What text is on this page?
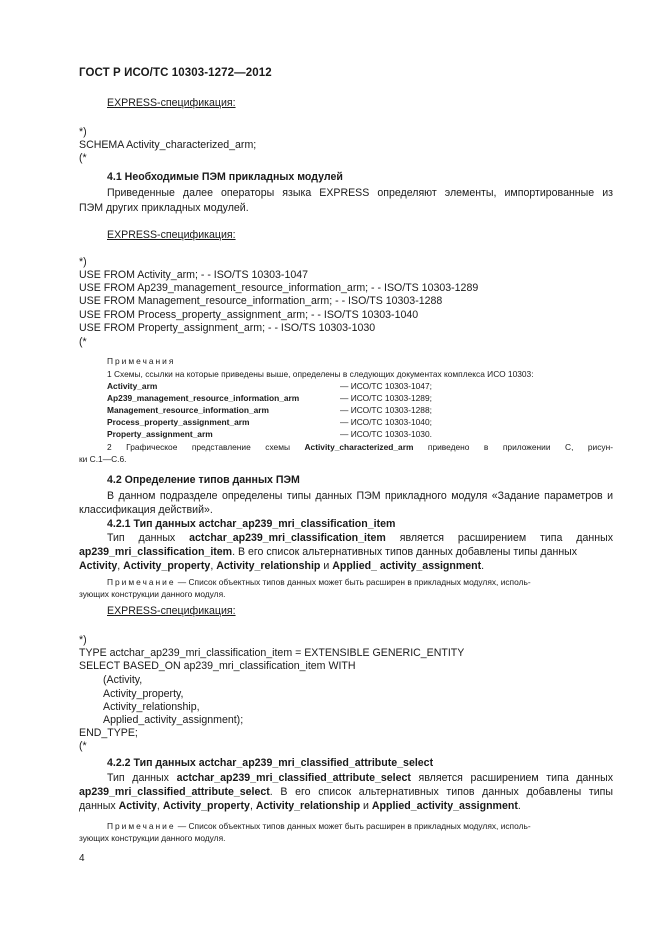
ГОСТ Р ИСО/ТС 10303-1272—2012
EXPRESS-спецификация:
*)
SCHEMA Activity_characterized_arm;
(*
4.1 Необходимые ПЭМ прикладных модулей
Приведенные далее операторы языка EXPRESS определяют элементы, импортированные из
ПЭМ других прикладных модулей.
EXPRESS-спецификация:
*)
USE FROM Activity_arm; - - ISO/TS 10303-1047
USE FROM Ap239_management_resource_information_arm; - - ISO/TS 10303-1289
USE FROM Management_resource_information_arm; - - ISO/TS 10303-1288
USE FROM Process_property_assignment_arm; - - ISO/TS 10303-1040
USE FROM Property_assignment_arm; - - ISO/TS 10303-1030
(*
Примечания
1 Схемы, ссылки на которые приведены выше, определены в следующих документах комплекса ИСО 10303:
Activity_arm	— ИСО/ТС 10303-1047;
Ap239_management_resource_information_arm	— ИСО/ТС 10303-1289;
Management_resource_information_arm	— ИСО/ТС 10303-1288;
Process_property_assignment_arm	— ИСО/ТС 10303-1040;
Property_assignment_arm	— ИСО/ТС 10303-1030.
2 Графическое представление схемы Activity_characterized_arm приведено в приложении C, рисун-
ки С.1—С.6.
4.2 Определение типов данных ПЭМ
В данном подразделе определены типы данных ПЭМ прикладного модуля «Задание параметров и
классификация действий».
4.2.1 Тип данных actchar_ap239_mri_classification_item
Тип данных actchar_ap239_mri_classification_item является расширением типа данных
ap239_mri_classification_item. В его список альтернативных типов данных добавлены типы данных
Activity, Activity_property, Activity_relationship и Applied_ activity_assignment.
Примечание — Список объектных типов данных может быть расширен в прикладных модулях, исполь-
зующих конструкции данного модуля.
EXPRESS-спецификация:
*)
TYPE actchar_ap239_mri_classification_item = EXTENSIBLE GENERIC_ENTITY
SELECT BASED_ON ap239_mri_classification_item WITH
(Activity,
Activity_property,
Activity_relationship,
Applied_activity_assignment);
END_TYPE;
(*
4.2.2 Тип данных actchar_ap239_mri_classified_attribute_select
Тип данных actchar_ap239_mri_classified_attribute_select является расширением типа данных
ap239_mri_classified_attribute_select. В его список альтернативных типов данных добавлены типы
данных Activity, Activity_property, Activity_relationship и Applied_activity_assignment.
Примечание — Список объектных типов данных может быть расширен в прикладных модулях, исполь-
зующих конструкции данного модуля.
4
